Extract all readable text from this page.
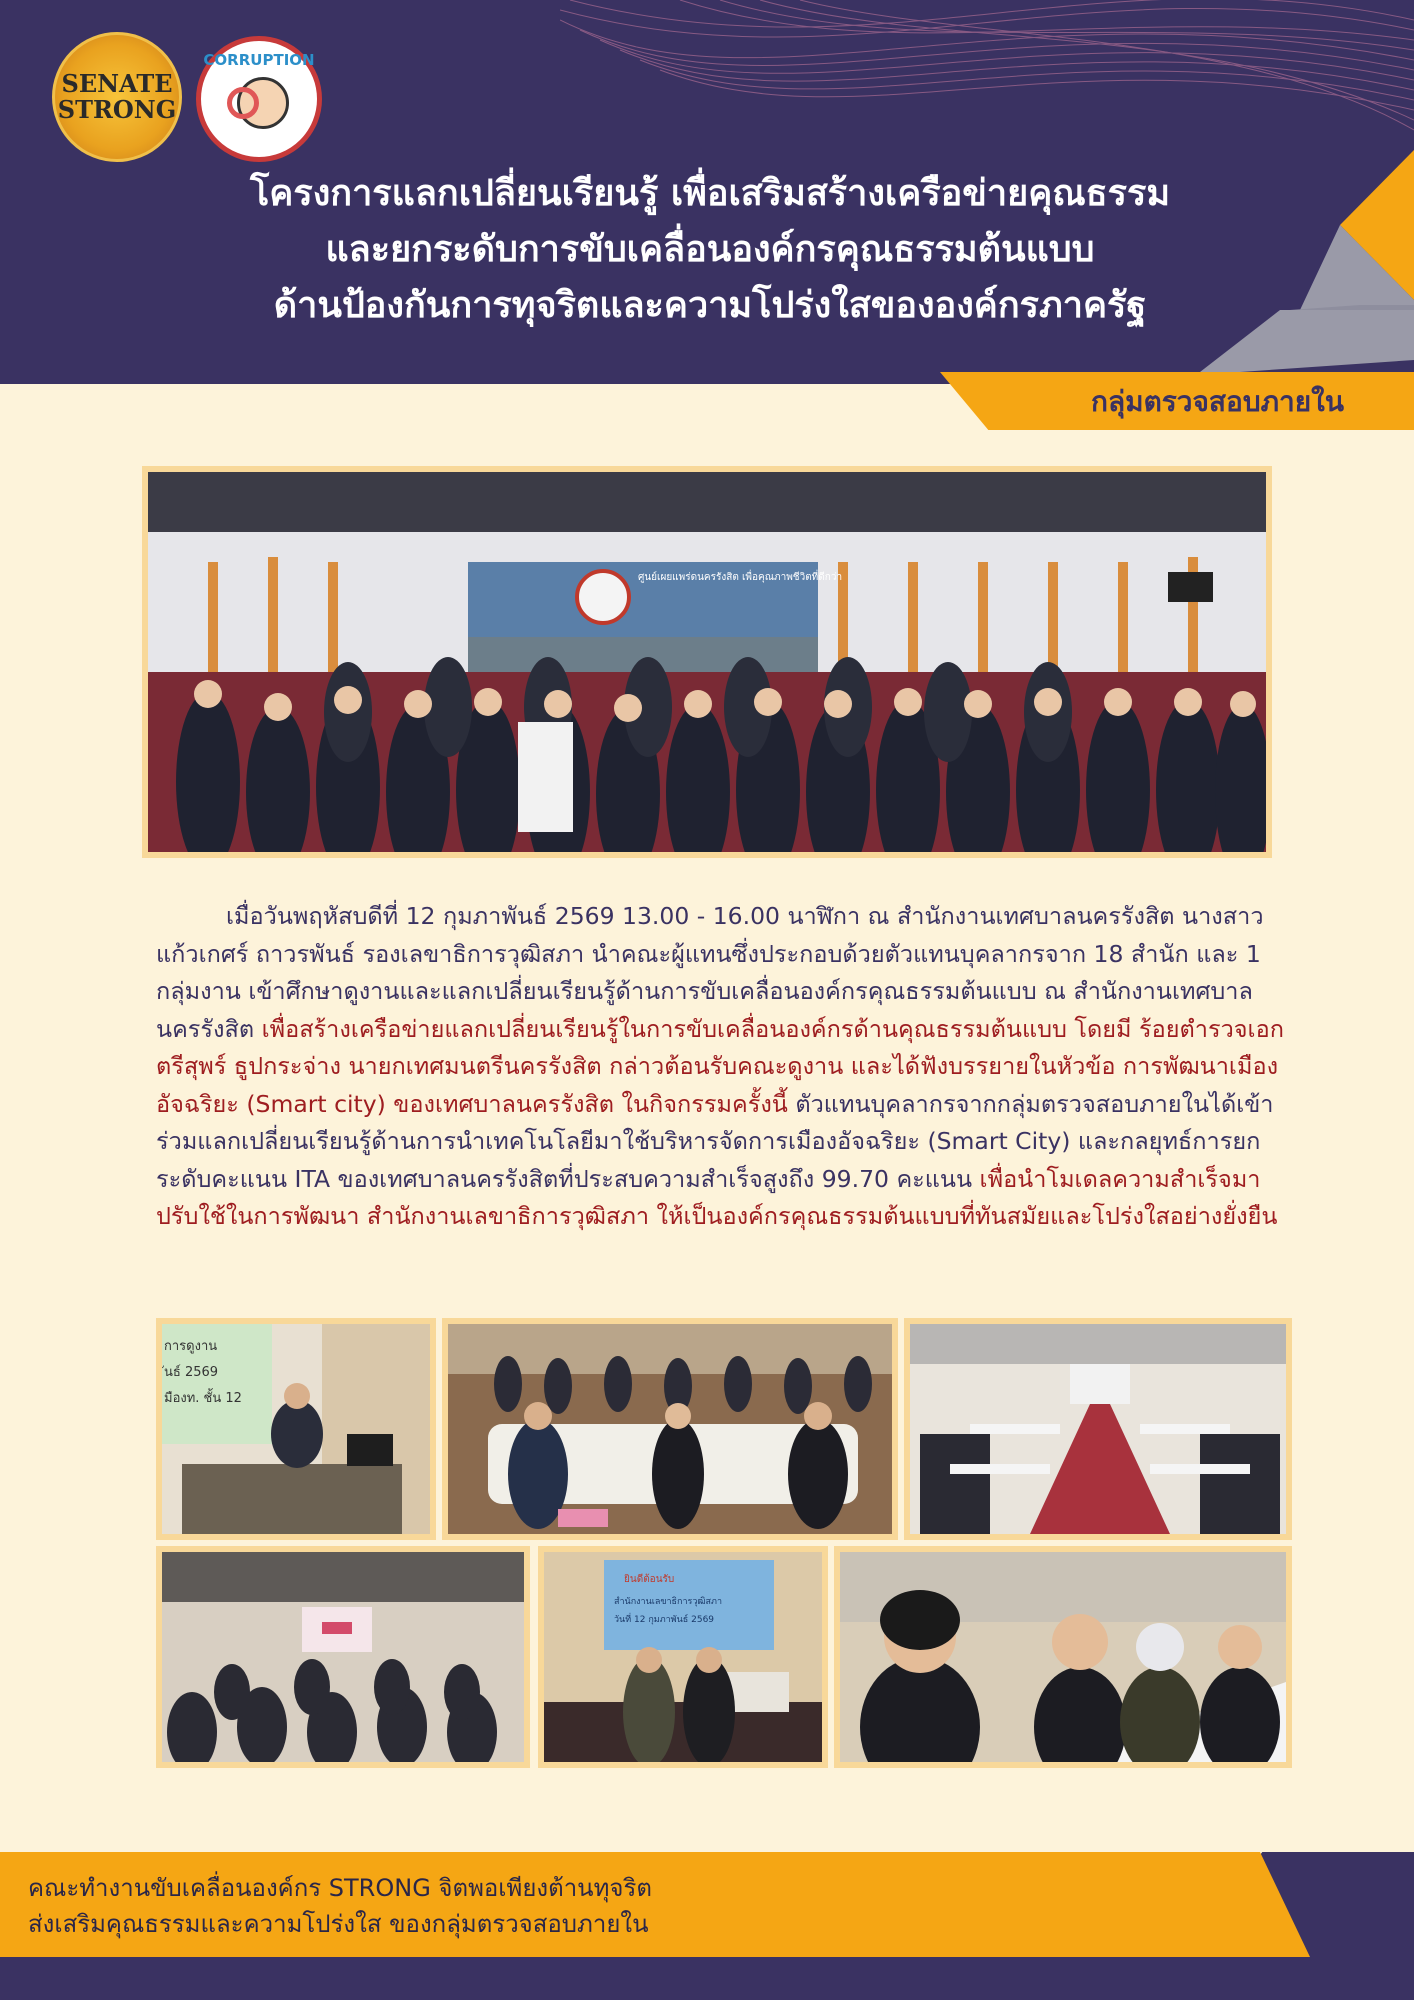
SENATE STRONG
CORRUPTION
โครงการแลกเปลี่ยนเรียนรู้ เพื่อเสริมสร้างเครือข่ายคุณธรรม
และยกระดับการขับเคลื่อนองค์กรคุณธรรมต้นแบบ
ด้านป้องกันการทุจริตและความโปร่งใสขององค์กรภาครัฐ
กลุ่มตรวจสอบภายใน
ศูนย์เผยแพร่ดนครรังสิต เพื่อคุณภาพชีวิตที่ดีกว่า

เมื่อวันพฤหัสบดีที่ 12 กุมภาพันธ์ 2569 13.00 - 16.00 นาฬิกา ณ สำนักงานเทศบาลนครรังสิต นางสาวแก้วเกศร์ ถาวรพันธ์ รองเลขาธิการวุฒิสภา นำคณะผู้แทนซึ่งประกอบด้วยตัวแทนบุคลากรจาก 18 สำนัก และ 1 กลุ่มงาน เข้าศึกษาดูงานและแลกเปลี่ยนเรียนรู้ด้านการขับเคลื่อนองค์กรคุณธรรมต้นแบบ ณ สำนักงานเทศบาลนครรังสิต เพื่อสร้างเครือข่ายแลกเปลี่ยนเรียนรู้ในการขับเคลื่อนองค์กรด้านคุณธรรมต้นแบบ โดยมี ร้อยตำรวจเอก ตรีสุพร์ ธูปกระจ่าง นายกเทศมนตรีนครรังสิต กล่าวต้อนรับคณะดูงาน และได้ฟังบรรยายในหัวข้อ การพัฒนาเมืองอัจฉริยะ (Smart city) ของเทศบาลนครรังสิต ในกิจกรรมครั้งนี้ ตัวแทนบุคลากรจากกลุ่มตรวจสอบภายในได้เข้าร่วมแลกเปลี่ยนเรียนรู้ด้านการนำเทคโนโลยีมาใช้บริหารจัดการเมืองอัจฉริยะ (Smart City) และกลยุทธ์การยกระดับคะแนน ITA ของเทศบาลนครรังสิตที่ประสบความสำเร็จสูงถึง 99.70 คะแนน เพื่อนำโมเดลความสำเร็จมาปรับใช้ในการพัฒนา สำนักงานเลขาธิการวุฒิสภา ให้เป็นองค์กรคุณธรรมต้นแบบที่ทันสมัยและโปร่งใสอย่างยั่งยืน

การดูงาน
ันธ์ 2569
มืองท. ชั้น 12
ยินดีต้อนรับ
สำนักงานเลขาธิการวุฒิสภา
วันที่ 12 กุมภาพันธ์ 2569
คณะทำงานขับเคลื่อนองค์กร STRONG จิตพอเพียงต้านทุจริต
ส่งเสริมคุณธรรมและความโปร่งใส ของกลุ่มตรวจสอบภายใน
